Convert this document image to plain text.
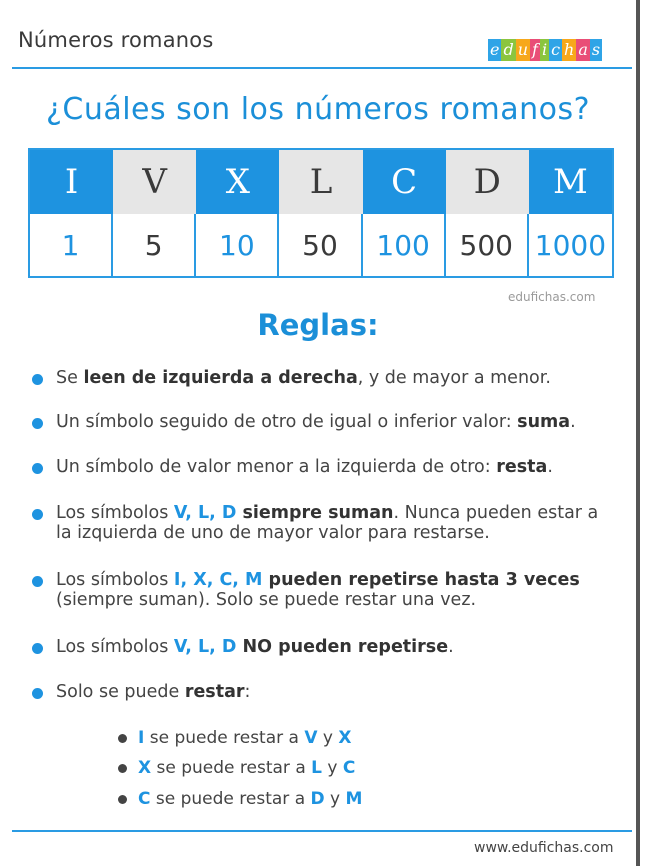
Números romanos	e d u f i c h a s
¿Cuáles son los números romanos?
I	V	X	L	C	D	M
1	5	10	50	100	500 1000
edufichas.com
Reglas:
Se leen de izquierda a derecha, y de mayor a menor.
Un símbolo seguido de otro de igual o inferior valor: suma.
Un símbolo de valor menor a la izquierda de otro: resta.
Los símbolos V, L, D siempre suman. Nunca pueden estar a
la izquierda de uno de mayor valor para restarse.
Los símbolos I, X, C, M pueden repetirse hasta 3 veces
(siempre suman). Solo se puede restar una vez.
Los símbolos V, L, D NO pueden repetirse.
Solo se puede restar:
I se puede restar a V y X
X se puede restar a L y C
C se puede restar a D y M
www.edufichas.com
